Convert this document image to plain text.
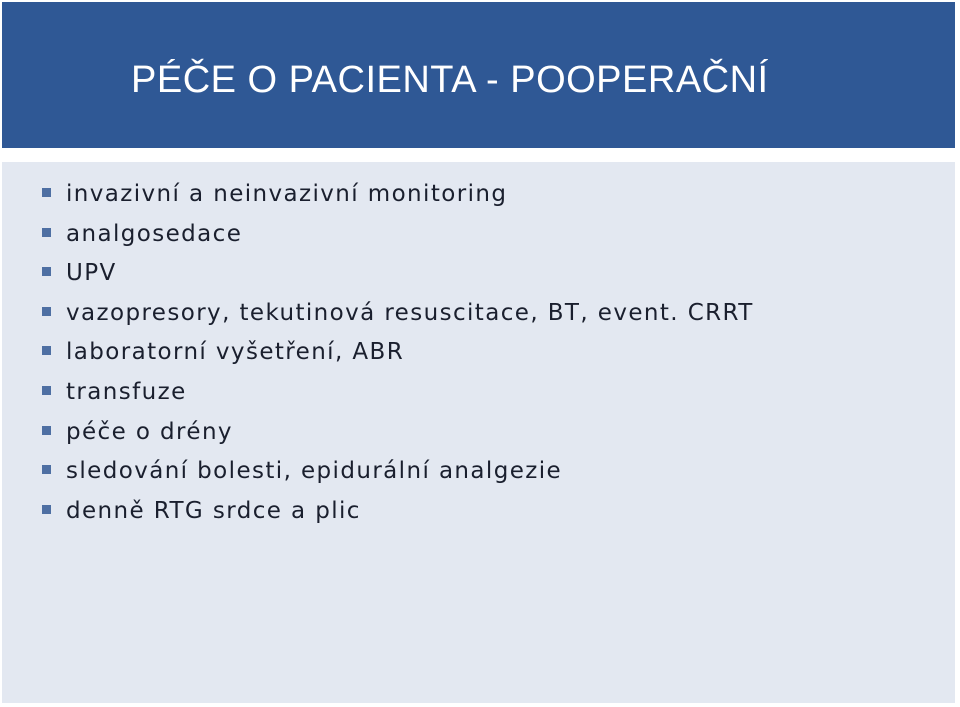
PÉČE O PACIENTA - POOPERAČNÍ
invazivní a neinvazivní monitoring
analgosedace
UPV
vazopresory, tekutinová resuscitace, BT, event. CRRT
laboratorní vyšetření, ABR
transfuze
péče o drény
sledování bolesti, epidurální analgezie
denně RTG srdce a plic
